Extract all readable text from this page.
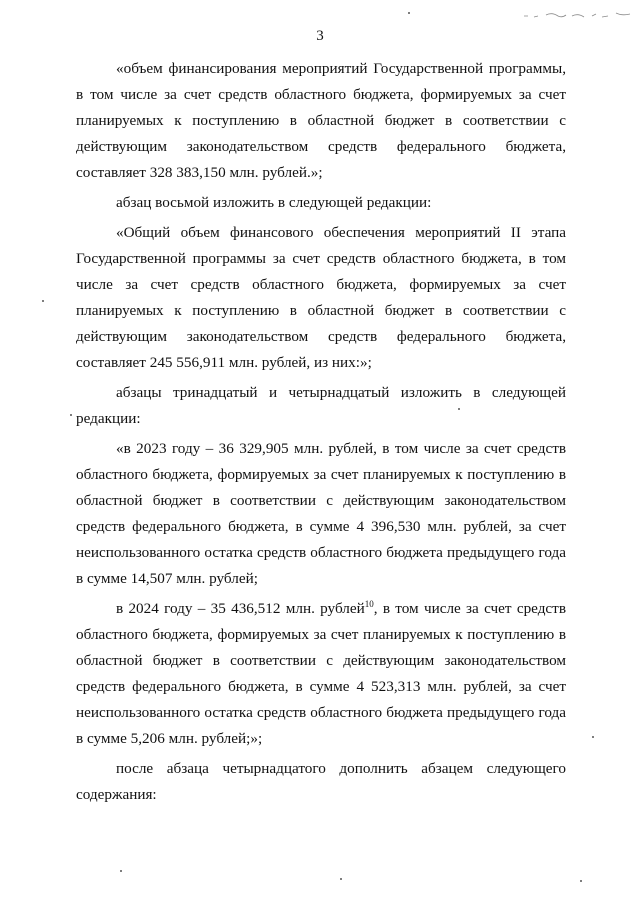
3

«объем финансирования мероприятий Государственной программы, в том числе за счет средств областного бюджета, формируемых за счет планируемых к поступлению в областной бюджет в соответствии с действующим законодательством средств федерального бюджета, составляет 328 383,150 млн. рублей.»;

абзац восьмой изложить в следующей редакции:

«Общий объем финансового обеспечения мероприятий II этапа Государственной программы за счет средств областного бюджета, в том числе за счет средств областного бюджета, формируемых за счет планируемых к поступлению в областной бюджет в соответствии с действующим законодательством средств федерального бюджета, составляет 245 556,911 млн. рублей, из них:»;

абзацы тринадцатый и четырнадцатый изложить в следующей редакции:

«в 2023 году – 36 329,905 млн. рублей, в том числе за счет средств областного бюджета, формируемых за счет планируемых к поступлению в областной бюджет в соответствии с действующим законодательством средств федерального бюджета, в сумме 4 396,530 млн. рублей, за счет неиспользованного остатка средств областного бюджета предыдущего года в сумме 14,507 млн. рублей;

в 2024 году – 35 436,512 млн. рублей$^{10}$, в том числе за счет средств областного бюджета, формируемых за счет планируемых к поступлению в областной бюджет в соответствии с действующим законодательством средств федерального бюджета, в сумме 4 523,313 млн. рублей, за счет неиспользованного остатка средств областного бюджета предыдущего года в сумме 5,206 млн. рублей;»;

после абзаца четырнадцатого дополнить абзацем следующего содержания:
